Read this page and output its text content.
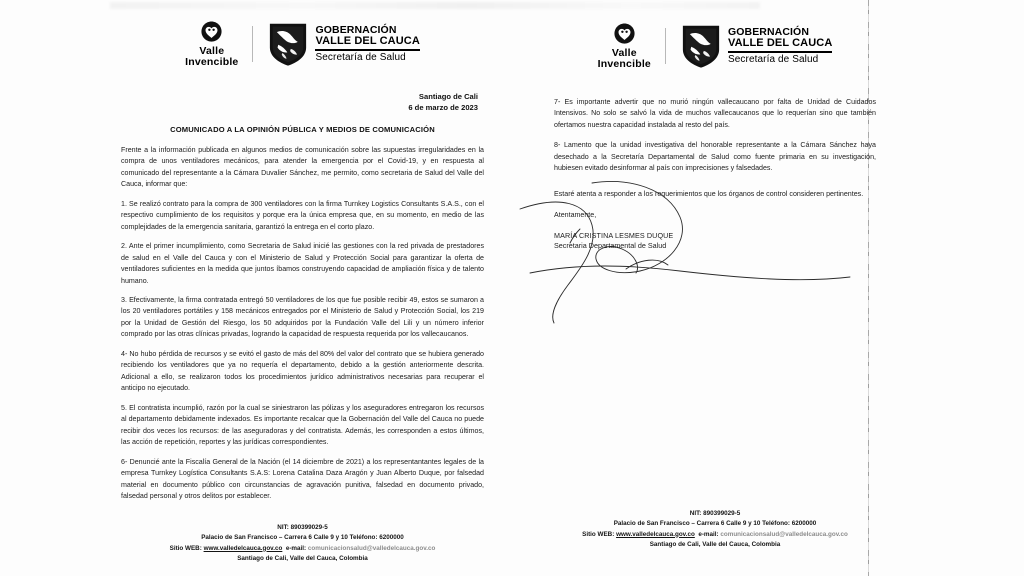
Valle
Invencible
GOBERNACIÓN
VALLE DEL CAUCA
Secretaría de Salud
Santiago de Cali
6 de marzo de 2023
COMUNICADO A LA OPINIÓN PÚBLICA Y MEDIOS DE COMUNICACIÓN

Frente a la información publicada en algunos medios de comunicación sobre las supuestas irregularidades en la compra de unos ventiladores mecánicos, para atender la emergencia por el Covid-19, y en respuesta al comunicado del representante a la Cámara Duvalier Sánchez, me permito, como secretaria de Salud del Valle del Cauca, informar que:

1. Se realizó contrato para la compra de 300 ventiladores con la firma Turnkey Logistics Consultants S.A.S., con el respectivo cumplimiento de los requisitos y porque era la única empresa que, en su momento, en medio de las complejidades de la emergencia sanitaria, garantizó la entrega en el corto plazo.

2. Ante el primer incumplimiento, como Secretaria de Salud inicié las gestiones con la red privada de prestadores de salud en el Valle del Cauca y con el Ministerio de Salud y Protección Social para garantizar la oferta de ventiladores suficientes en la medida que juntos íbamos construyendo capacidad de ampliación física y de talento humano.

3. Efectivamente, la firma contratada entregó 50 ventiladores de los que fue posible recibir 49, estos se sumaron a los 20 ventiladores portátiles y 158 mecánicos entregados por el Ministerio de Salud y Protección Social, los 219 por la Unidad de Gestión del Riesgo, los 50 adquiridos por la Fundación Valle del Lili y un número inferior comprado por las otras clínicas privadas, logrando la capacidad de respuesta requerida por los vallecaucanos.

4- No hubo pérdida de recursos y se evitó el gasto de más del 80% del valor del contrato que se hubiera generado recibiendo los ventiladores que ya no requería el departamento, debido a la gestión anteriormente descrita. Adicional a ello, se realizaron todos los procedimientos jurídico administrativos necesarias para recuperar el anticipo no ejecutado.

5. El contratista incumplió, razón por la cual se siniestraron las pólizas y los aseguradores entregaron los recursos al departamento debidamente indexados. Es importante recalcar que la Gobernación del Valle del Cauca no puede recibir dos veces los recursos: de las aseguradoras y del contratista. Además, les corresponden a estos últimos, las acción de repetición, reportes y las jurídicas correspondientes.

6- Denuncié ante la Fiscalía General de la Nación (el 14 diciembre de 2021) a los representantantes legales de la empresa Turnkey Logística Consultants S.A.S: Lorena Catalina Daza Aragón y Juan Alberto Duque, por falsedad material en documento público con circunstancias de agravación punitiva, falsedad en documento privado, falsedad personal y otros delitos por establecer.

NIT: 890399029-5
Palacio de San Francisco – Carrera 6 Calle 9 y 10 Teléfono: 6200000
Sitio WEB: www.valledelcauca.gov.co e-mail: comunicacionsalud@valledelcauca.gov.co
Santiago de Cali, Valle del Cauca, Colombia
Valle
Invencible
GOBERNACIÓN
VALLE DEL CAUCA
Secretaría de Salud

7- Es importante advertir que no murió ningún vallecaucano por falta de Unidad de Cuidados Intensivos. No solo se salvó la vida de muchos vallecaucanos que lo requerían sino que también ofertamos nuestra capacidad instalada al resto del país.

8- Lamento que la unidad investigativa del honorable representante a la Cámara Sánchez haya desechado a la Secretaría Departamental de Salud como fuente primaria en su investigación, hubiesen evitado desinformar al país con imprecisiones y falsedades.

Estaré atenta a responder a los requerimientos que los órganos de control consideren pertinentes.

Atentamente,

MARÍA CRISTINA LESMES DUQUE
Secretaria Departamental de Salud
NIT: 890399029-5
Palacio de San Francisco – Carrera 6 Calle 9 y 10 Teléfono: 6200000
Sitio WEB: www.valledelcauca.gov.co e-mail: comunicacionsalud@valledelcauca.gov.co
Santiago de Cali, Valle del Cauca, Colombia
